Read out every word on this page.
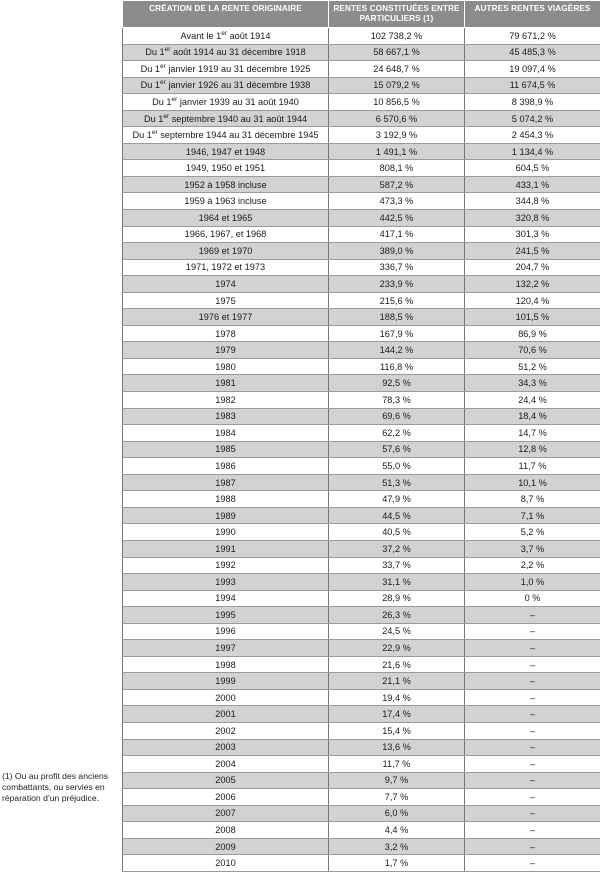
CRÉATION DE LA RENTE ORIGINAIRE	RENTES CONSTITUÉES ENTRE PARTICULIERS (1)	AUTRES RENTES VIAGÈRES
Avant le 1er août 1914	102 738,2 %	79 671,2 %
Du 1er août 1914 au 31 décembre 1918	58 667,1 %	45 485,3 %
Du 1er janvier 1919 au 31 décembre 1925	24 648,7 %	19 097,4 %
Du 1er janvier 1926 au 31 décembre 1938	15 079,2 %	11 674,5 %
Du 1er janvier 1939 au 31 août 1940	10 856,5 %	8 398,9 %
Du 1er septembre 1940 au 31 août 1944	6 570,6 %	5 074,2 %
Du 1er septembre 1944 au 31 décembre 1945	3 192,9 %	2 454,3 %
1946, 1947 et 1948	1 491,1 %	1 134,4 %
1949, 1950 et 1951	808,1 %	604,5 %
1952 à 1958 incluse	587,2 %	433,1 %
1959 à 1963 incluse	473,3 %	344,8 %
1964 et 1965	442,5 %	320,8 %
1966, 1967, et 1968	417,1 %	301,3 %
1969 et 1970	389,0 %	241,5 %
1971, 1972 et 1973	336,7 %	204,7 %
1974	233,9 %	132,2 %
1975	215,6 %	120,4 %
1976 et 1977	188,5 %	101,5 %
1978	167,9 %	86,9 %
1979	144,2 %	70,6 %
1980	116,8 %	51,2 %
1981	92,5 %	34,3 %
1982	78,3 %	24,4 %
1983	69,6 %	18,4 %
1984	62,2 %	14,7 %
1985	57,6 %	12,8 %
1986	55,0 %	11,7 %
1987	51,3 %	10,1 %
1988	47,9 %	8,7 %
1989	44,5 %	7,1 %
1990	40,5 %	5,2 %
1991	37,2 %	3,7 %
1992	33,7 %	2,2 %
1993	31,1 %	1,0 %
1994	28,9 %	0 %
1995	26,3 %	–
1996	24,5 %	–
1997	22,9 %	–
1998	21,6 %	–
1999	21,1 %	–
2000	19,4 %	–
2001	17,4 %	–
2002	15,4 %	–
2003	13,6 %	–
2004	11,7 %	–
2005	9,7 %	–
2006	7,7 %	–
2007	6,0 %	–
2008	4,4 %	–
2009	3,2 %	–
2010	1,7 %	–
(1) Ou au profit des anciens combattants, ou servies en réparation d’un préjudice.
